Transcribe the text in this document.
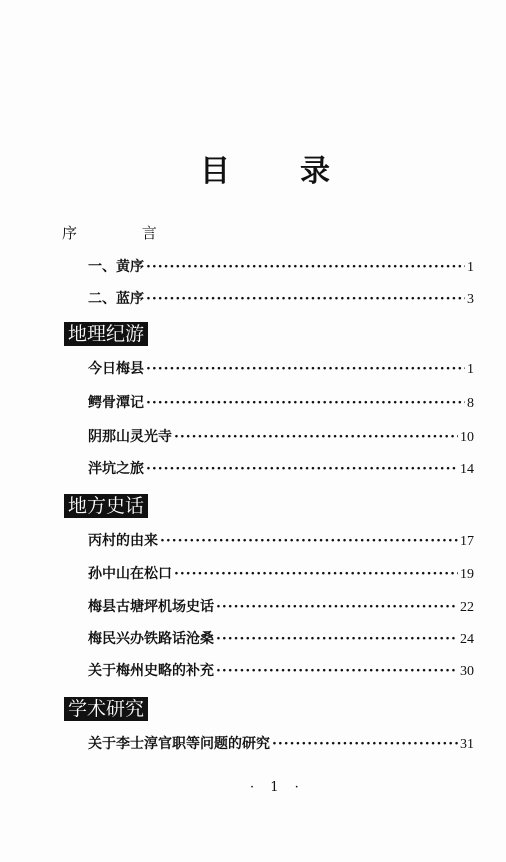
目 录
序 言
一、黄序 ·····	1
二、蓝序 ·····	3
地理纪游
今日梅县 ·····	1
鳄骨潭记 ·····	8
阴那山灵光寺 ·····	10
泮坑之旅 ·····	14
地方史话
丙村的由来 ·····	17
孙中山在松口 ·····	19
梅县古塘坪机场史话 ·····	22
梅民兴办铁路话沧桑 ·····	24
关于梅州史略的补充 ·····	30
学术研究
关于李士淳官职等问题的研究 ·····	31
· 1 ·
